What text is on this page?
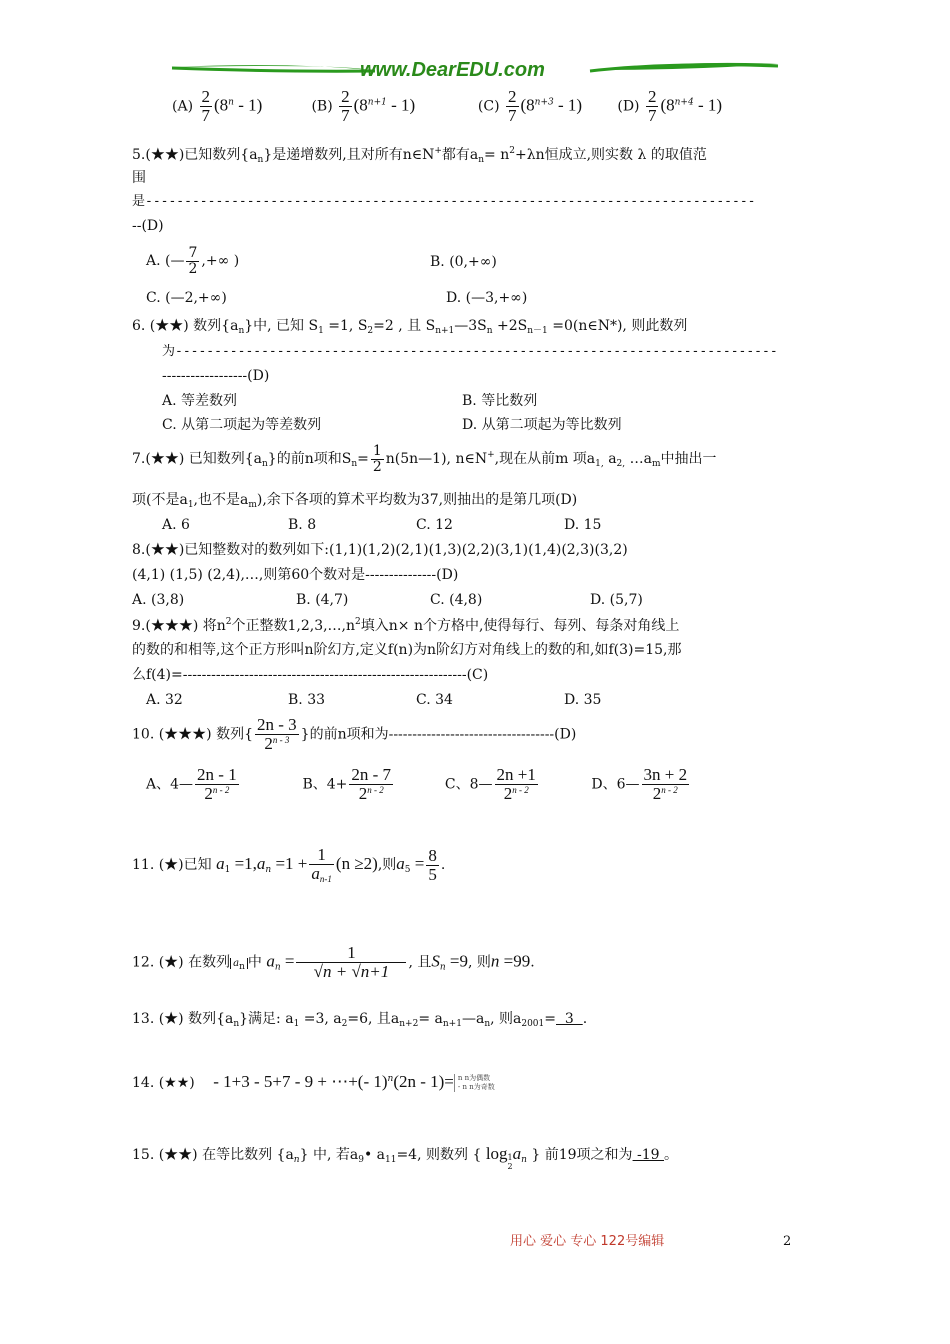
www.DearEDU.com
$(A) \frac{2}{7} (8^n - 1)$	$(B) \frac{2}{7} (8^{n+1} - 1)$	$(C) \frac{2}{7} (8^{n+3} - 1)$	$(D) \frac{2}{7} (8^{n+4} - 1)$
5.(★★)已知数列$\{a_n\}$是递增数列,且对所有n∈N+都有$a_n= n^2+\lambda n$恒成立,则实数 λ 的取值范
围
是------------------------------------------------------------------------------
--(D)
A. (— $\frac{7}{2}$ ,+∞ )	B. (0,+∞)
C. (—2,+∞)	D. (—3,+∞)
6. (★★) 数列$\{a_n\}$中, 已知 $S_1 =1$, $S_2=2$ , 且 $S_{n+1}—3S_n +2S_{n-1}$ =0(n∈N*), 则此数列
为-----------------------------------------------------------------------------
------------------(D)
A. 等差数列	B. 等比数列
C. 从第二项起为等差数列	D. 从第二项起为等比数列
7.(★★) 已知数列$\{a_n\}$的前n项和$S_n= \frac{1}{2}$ n(5n—1), n∈N+,现在从前m 项$a_{1,}$ $a_{2,}$ $\dots a_m$中抽出一
项(不是$a_1$,也不是$a_m$),余下各项的算术平均数为37,则抽出的是第几项(D)
A. 6	B. 8	C. 12	D. 15
8.(★★)已知整数对的数列如下:(1,1)(1,2)(2,1)(1,3)(2,2)(3,1)(1,4)(2,3)(3,2)
(4,1) (1,5) (2,4),…,则第60个数对是---------------(D)
A. (3,8)	B. (4,7)	C. (4,8)	D. (5,7)
9.(★★★) 将$n^2$个正整数$1,2,3,\dots,n^2$填入n× n个方格中,使得每行、每列、每条对角线上
的数的和相等,这个正方形叫n阶幻方,定义f(n)为n阶幻方对角线上的数的和,如f(3)=15,那
么f(4)=------------------------------------------------------------(C)
A. 32	B. 33	C. 34	D. 35
10. (★★★) 数列{ $\frac{2n - 3}{2^{n - 3}}$ }的前n项和为-----------------------------------(D)
A、4— $\frac{2n - 1}{2^{n - 2}}$	B、$4+ \frac{2n - 7}{2^{n - 2}}$	C、8— $\frac{2n +1}{2^{n - 2}}$	D、6— $\frac{3n + 2}{2^{n - 2}}$
11. (★)已知 $a_1 =1,a_n =1 + \frac{1}{a_{n-1}} (n \ge 2)$,则$a_5 = \frac{8}{5}$ .
12. (★) 在数列 an 中 $a_n = \frac{1}{√n + √n+1}$ , 且$S_n =9$, 则n =99.
13. (★) 数列$\{a_n\}$满足: $a_1 =3$, $a_2=6$, 且$a_{n+2}=$ $a_{n+1}—a_n$, 则$a_{2001}= 3$  .
14. (★★) - 1+3 - 5+7 - 9 + ⋯+(- 1)$^n$(2n - 1)= n n为偶数
- n n为奇数
15. (★★) 在等比数列 $\{a_n\}$ 中, 若$a_9•$ $a_{11}=4$, 则数列 { log 1
2
$a_n$ } 前19项之和为 -19 。
用心 爱心 专心 122号编辑	2
